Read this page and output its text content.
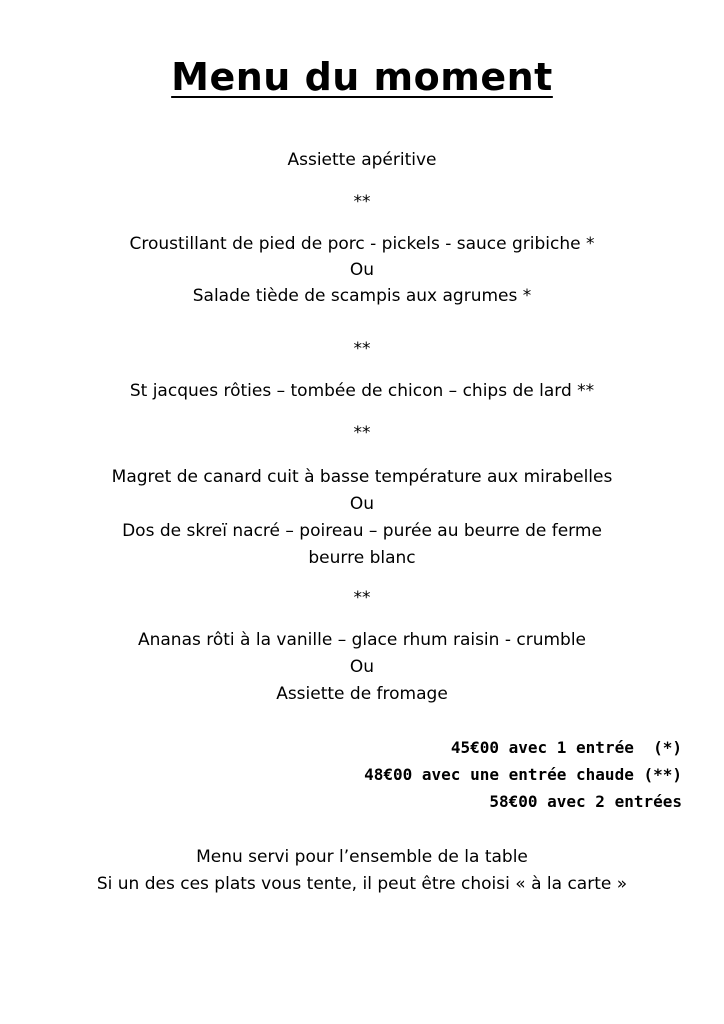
Menu du moment
Assiette apéritive
**
Croustillant de pied de porc - pickels - sauce gribiche *
Ou
Salade tiède de scampis aux agrumes *
**
St jacques rôties – tombée de chicon – chips de lard **
**
Magret de canard cuit à basse température aux mirabelles
Ou
Dos de skreï nacré – poireau – purée au beurre de ferme
beurre blanc
**
Ananas rôti à la vanille – glace rhum raisin - crumble
Ou
Assiette de fromage
45€00 avec 1 entrée  (*)
48€00 avec une entrée chaude (**)
58€00 avec 2 entrées
Menu servi pour l’ensemble de la table
Si un des ces plats vous tente, il peut être choisi « à la carte »
